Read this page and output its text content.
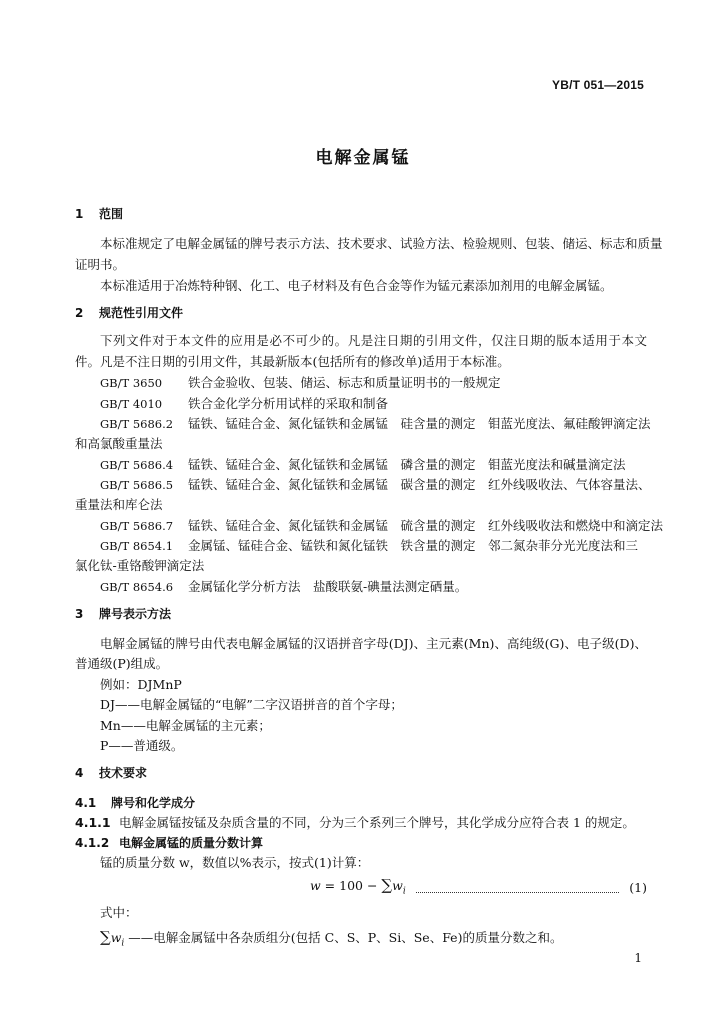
YB/T 051—2015
电解金属锰
1 范围
本标准规定了电解金属锰的牌号表示方法、技术要求、试验方法、检验规则、包装、储运、标志和质量
证明书。
本标准适用于冶炼特种钢、化工、电子材料及有色合金等作为锰元素添加剂用的电解金属锰。
2 规范性引用文件
下列文件对于本文件的应用是必不可少的。凡是注日期的引用文件，仅注日期的版本适用于本文
件。凡是不注日期的引用文件，其最新版本(包括所有的修改单)适用于本标准。
GB/T 3650 铁合金验收、包装、储运、标志和质量证明书的一般规定
GB/T 4010 铁合金化学分析用试样的采取和制备
GB/T 5686.2 锰铁、锰硅合金、氮化锰铁和金属锰　硅含量的测定　钼蓝光度法、氟硅酸钾滴定法
和高氯酸重量法
GB/T 5686.4 锰铁、锰硅合金、氮化锰铁和金属锰　磷含量的测定　钼蓝光度法和碱量滴定法
GB/T 5686.5 锰铁、锰硅合金、氮化锰铁和金属锰　碳含量的测定　红外线吸收法、气体容量法、
重量法和库仑法
GB/T 5686.7 锰铁、锰硅合金、氮化锰铁和金属锰　硫含量的测定　红外线吸收法和燃烧中和滴定法
GB/T 8654.1 金属锰、锰硅合金、锰铁和氮化锰铁　铁含量的测定　邻二氮杂菲分光光度法和三
氯化钛-重铬酸钾滴定法
GB/T 8654.6 金属锰化学分析方法　盐酸联氨-碘量法测定硒量。
3 牌号表示方法
电解金属锰的牌号由代表电解金属锰的汉语拼音字母(DJ)、主元素(Mn)、高纯级(G)、电子级(D)、
普通级(P)组成。
例如：DJMnP
DJ——电解金属锰的“电解”二字汉语拼音的首个字母；
Mn——电解金属锰的主元素；
P——普通级。
4 技术要求
4.1 牌号和化学成分
4.1.1 电解金属锰按锰及杂质含量的不同，分为三个系列三个牌号，其化学成分应符合表 1 的规定。
4.1.2 电解金属锰的质量分数计算
锰的质量分数 w，数值以%表示，按式(1)计算：
$w = 100 - \sum w_i$	(1)
式中：
$\sum w_i$ ——电解金属锰中各杂质组分(包括 C、S、P、Si、Se、Fe)的质量分数之和。
1
